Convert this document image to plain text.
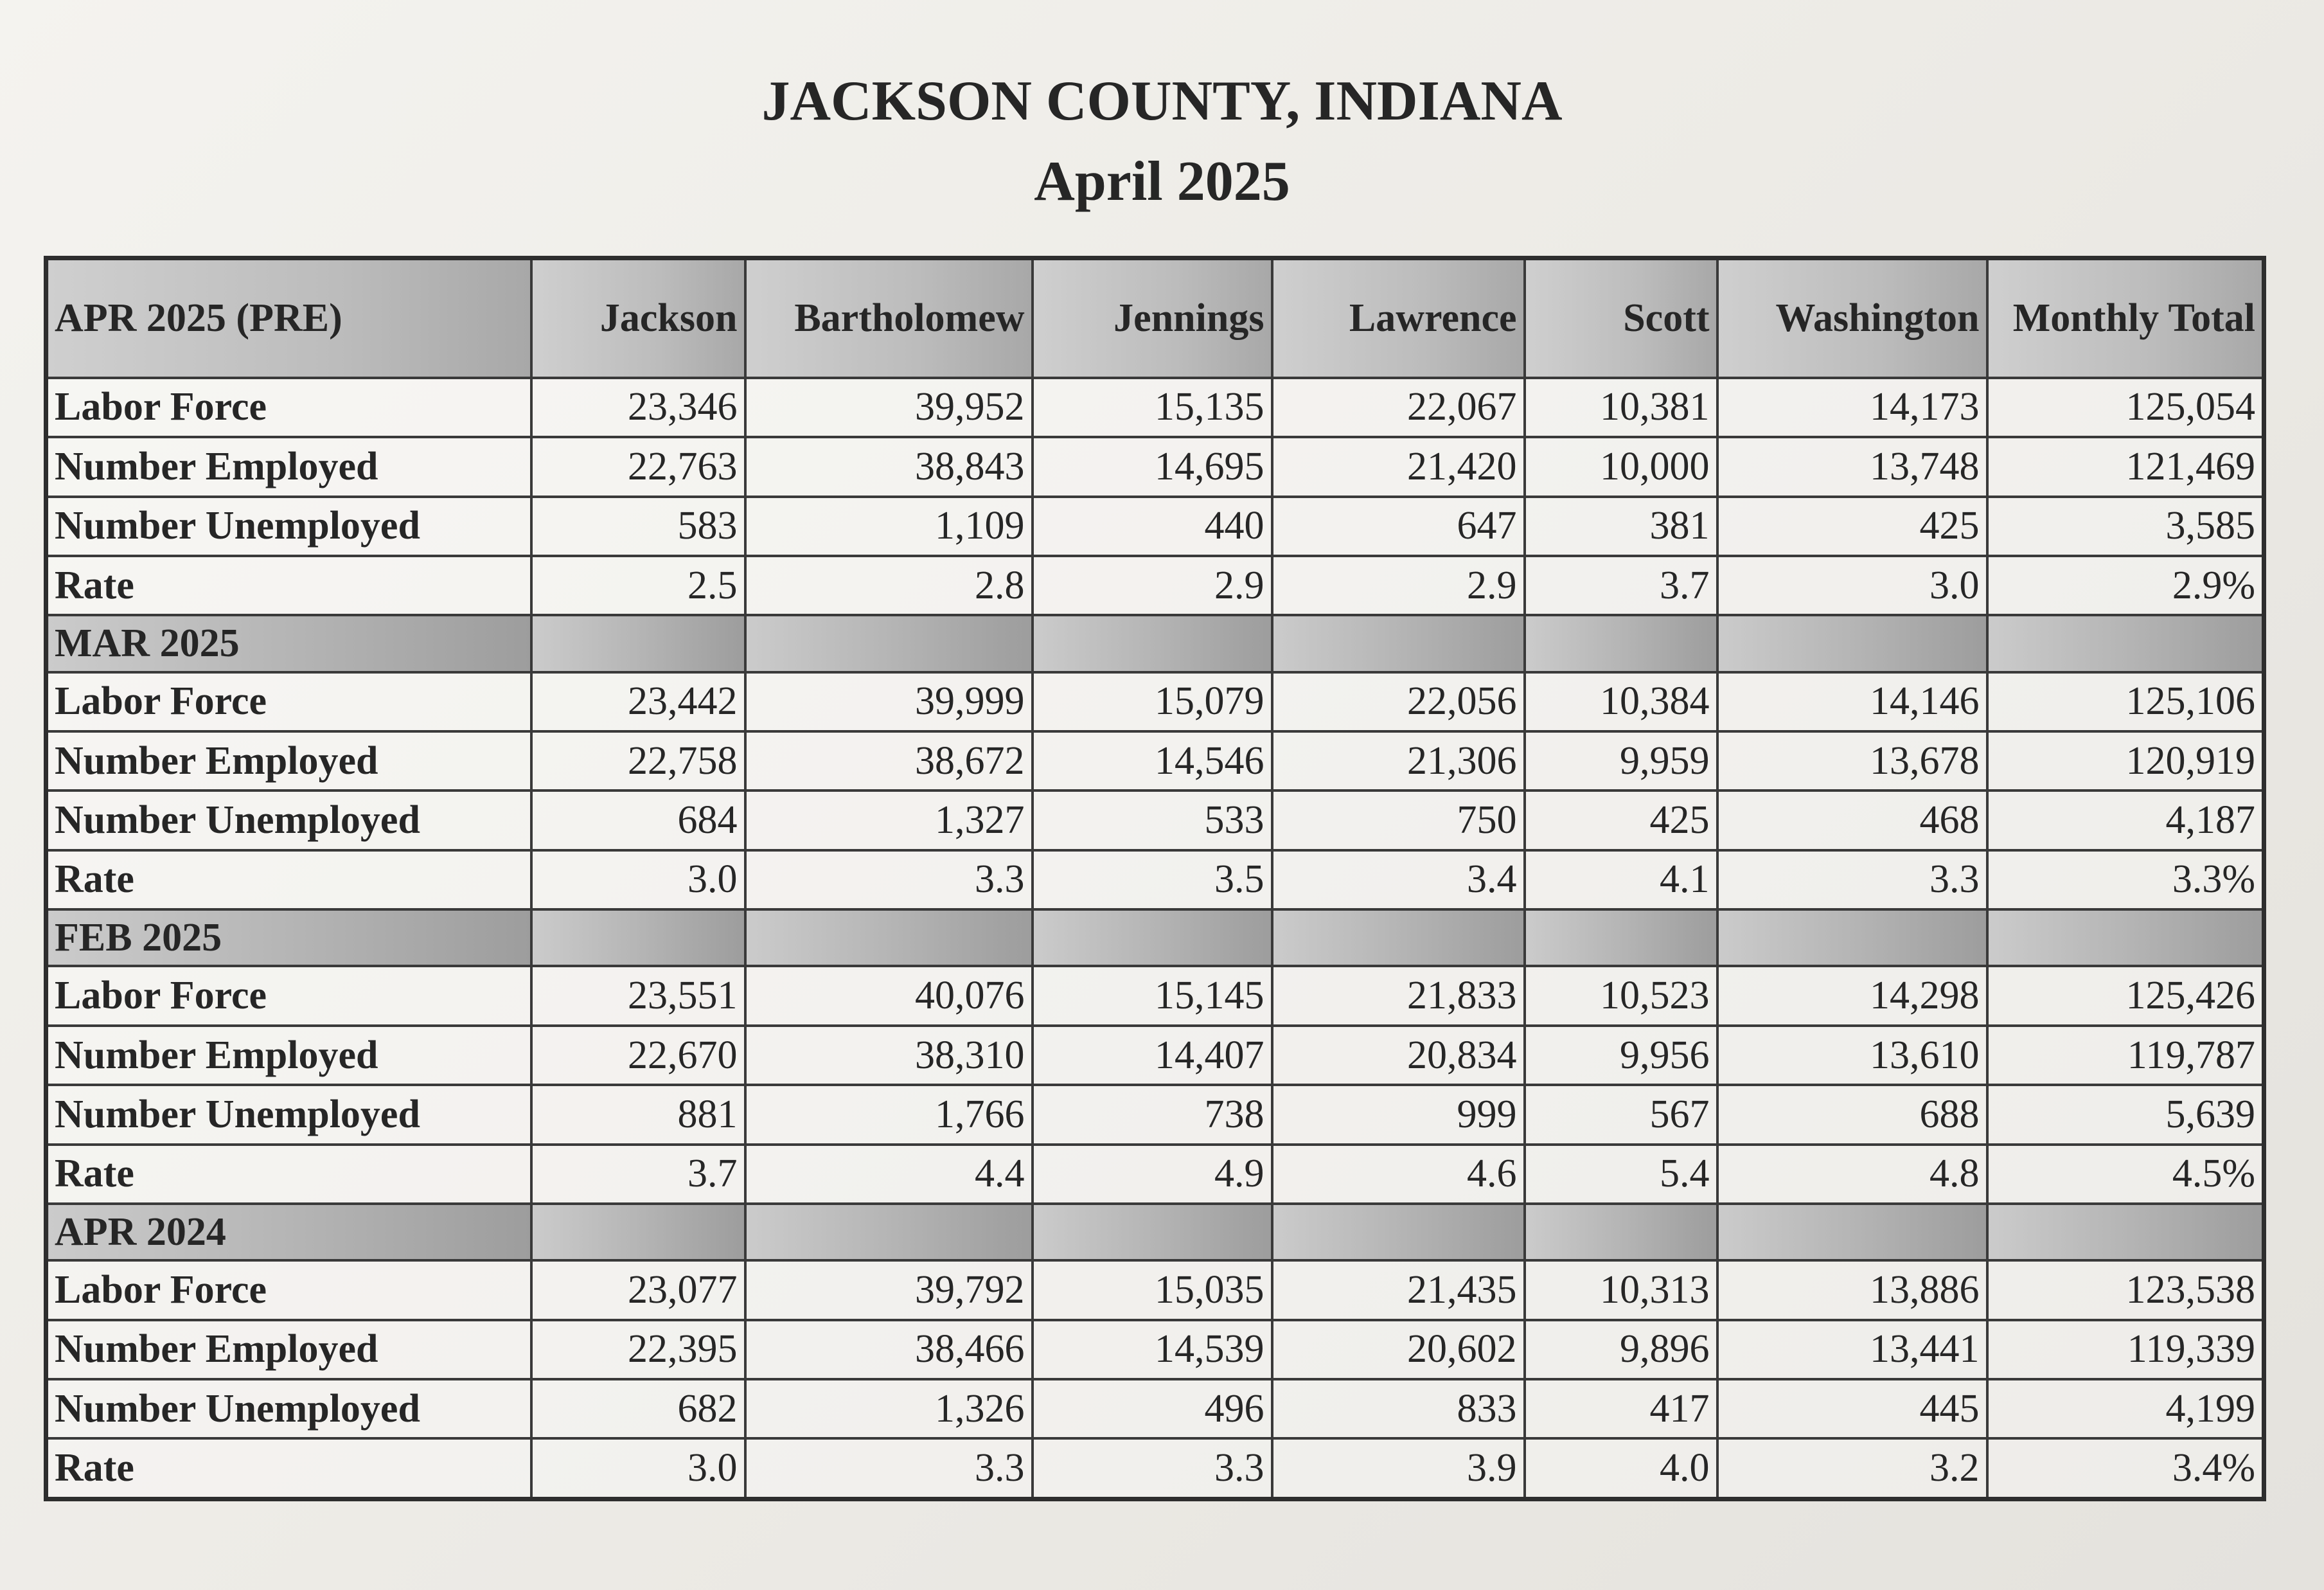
JACKSON COUNTY, INDIANA
April 2025
APR 2025 (PRE)	Jackson	Bartholomew	Jennings	Lawrence	Scott	Washington	Monthly Total
Labor Force	23,346	39,952	15,135	22,067	10,381	14,173	125,054
Number Employed	22,763	38,843	14,695	21,420	10,000	13,748	121,469
Number Unemployed	583	1,109	440	647	381	425	3,585
Rate	2.5	2.8	2.9	2.9	3.7	3.0	2.9%
MAR 2025							
Labor Force	23,442	39,999	15,079	22,056	10,384	14,146	125,106
Number Employed	22,758	38,672	14,546	21,306	9,959	13,678	120,919
Number Unemployed	684	1,327	533	750	425	468	4,187
Rate	3.0	3.3	3.5	3.4	4.1	3.3	3.3%
FEB 2025							
Labor Force	23,551	40,076	15,145	21,833	10,523	14,298	125,426
Number Employed	22,670	38,310	14,407	20,834	9,956	13,610	119,787
Number Unemployed	881	1,766	738	999	567	688	5,639
Rate	3.7	4.4	4.9	4.6	5.4	4.8	4.5%
APR 2024							
Labor Force	23,077	39,792	15,035	21,435	10,313	13,886	123,538
Number Employed	22,395	38,466	14,539	20,602	9,896	13,441	119,339
Number Unemployed	682	1,326	496	833	417	445	4,199
Rate	3.0	3.3	3.3	3.9	4.0	3.2	3.4%
